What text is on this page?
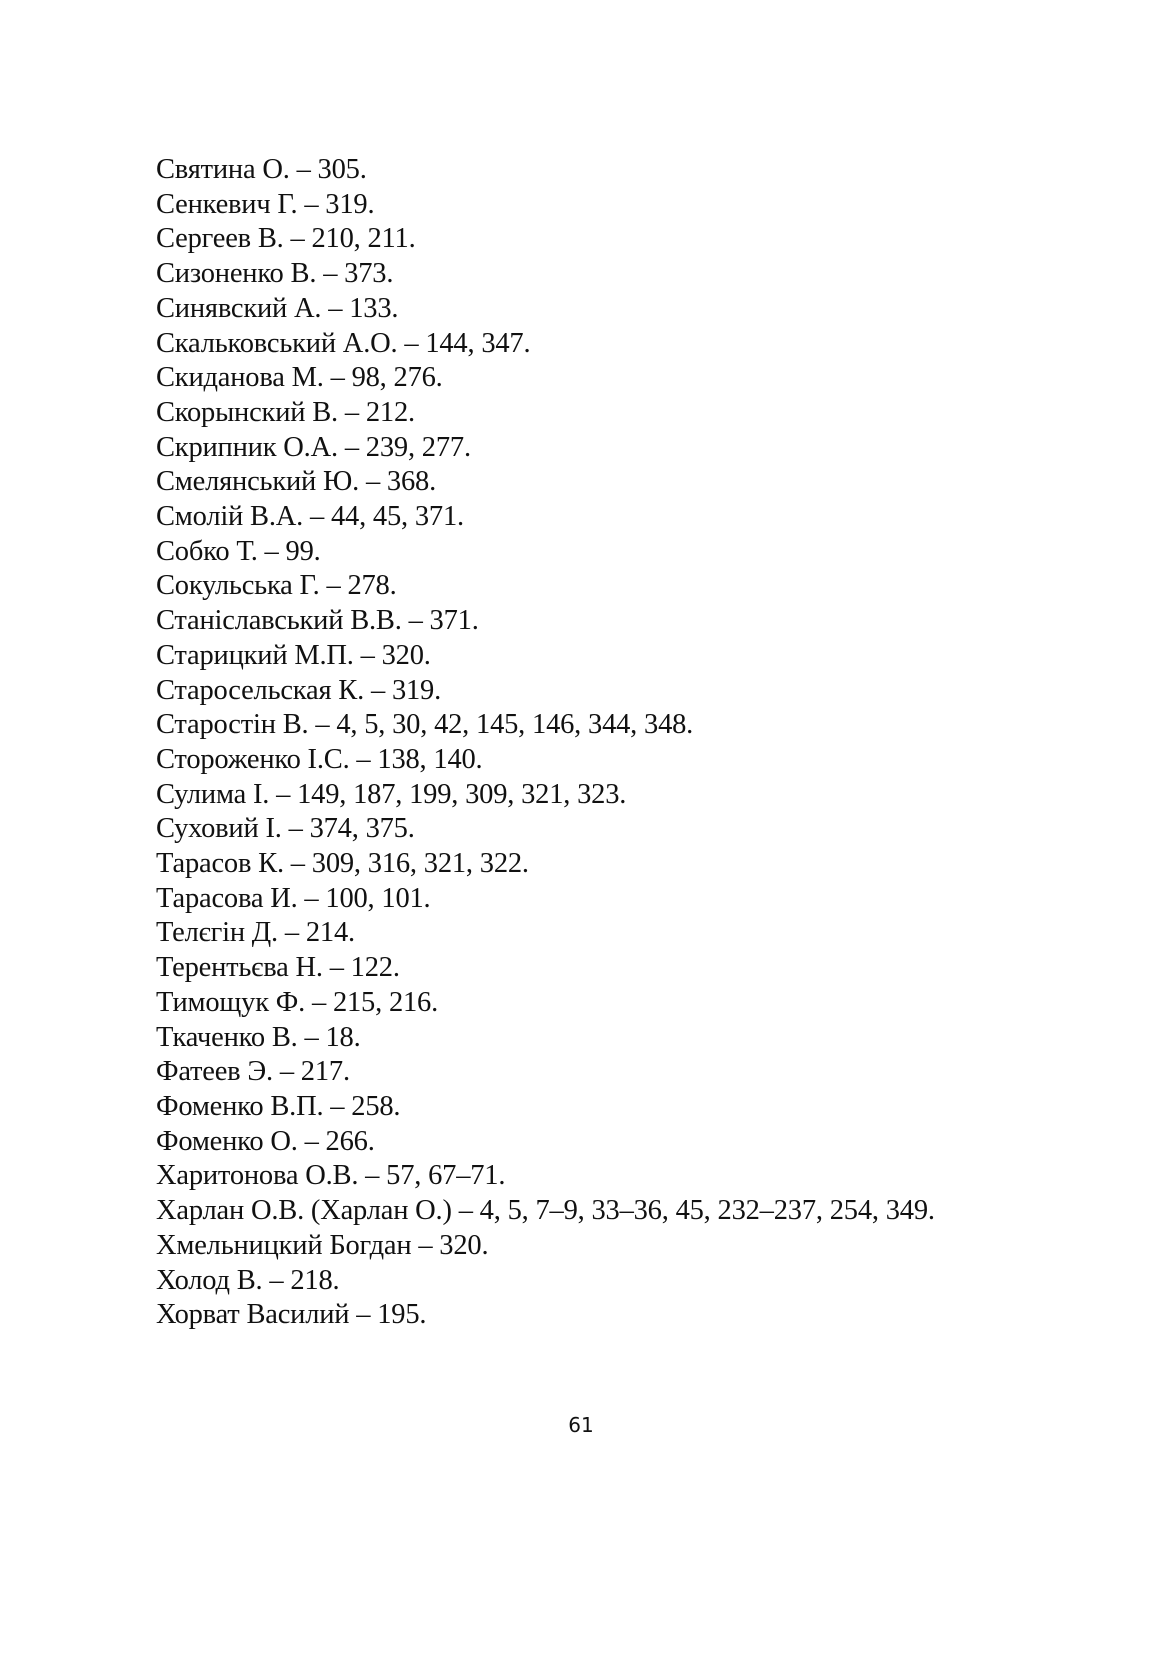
Святина О. – 305.
Сенкевич Г. – 319.
Сергеев В. – 210, 211.
Сизоненко В. – 373.
Синявский А. – 133.
Скальковський А.О. – 144, 347.
Скиданова М. – 98, 276.
Скорынский В. – 212.
Скрипник О.А. – 239, 277.
Смелянський Ю. – 368.
Смолій В.А. – 44, 45, 371.
Собко Т. – 99.
Сокульська Г. – 278.
Станіславський В.В. – 371.
Старицкий М.П. – 320.
Старосельская К. – 319.
Старостін В. – 4, 5, 30, 42, 145, 146, 344, 348.
Стороженко І.С. – 138, 140.
Сулима І. – 149, 187, 199, 309, 321, 323.
Суховий І. – 374, 375.
Тарасов К. – 309, 316, 321, 322.
Тарасова И. – 100, 101.
Телєгін Д. – 214.
Терентьєва Н. – 122.
Тимощук Ф. – 215, 216.
Ткаченко В. – 18.
Фатеев Э. – 217.
Фоменко В.П. – 258.
Фоменко О. – 266.
Харитонова О.В. – 57, 67–71.
Харлан О.В. (Харлан О.) – 4, 5, 7–9, 33–36, 45, 232–237, 254, 349.
Хмельницкий Богдан – 320.
Холод В. – 218.
Хорват Василий – 195.
61
